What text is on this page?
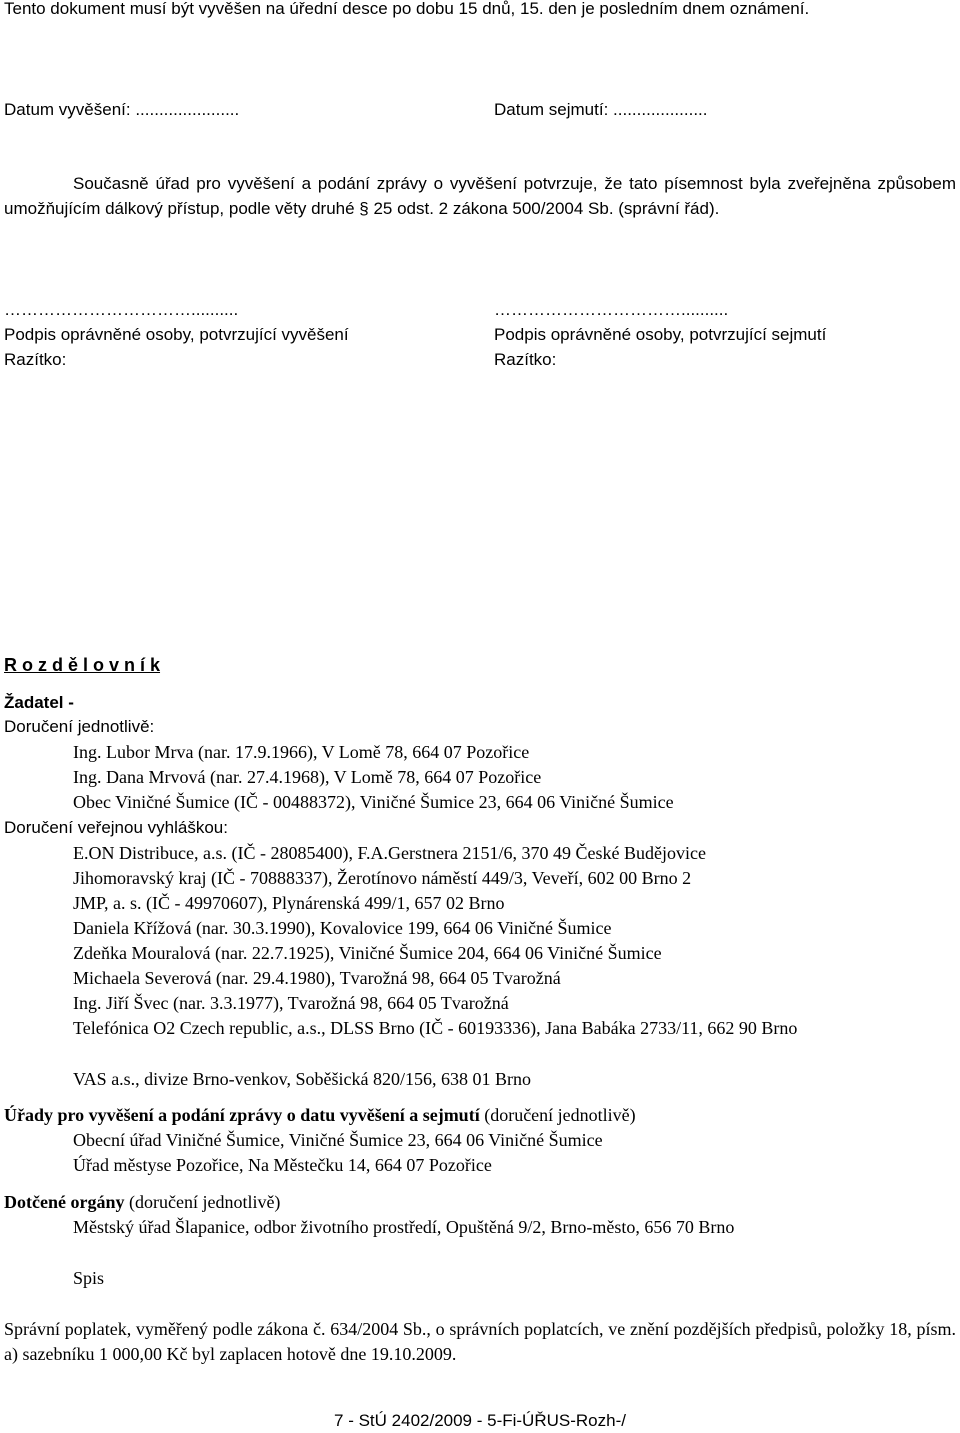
Tento dokument musí být vyvěšen na úřední desce po dobu 15 dnů, 15. den je posledním dnem oznámení.
Datum vyvěšení: ......................	Datum sejmutí: ....................
Současně úřad pro vyvěšení a podání zprávy o vyvěšení potvrzuje, že tato písemnost byla zveřejněna způsobem umožňujícím dálkový přístup, podle věty druhé § 25 odst. 2 zákona 500/2004 Sb. (správní řád).
……………………………..........
Podpis oprávněné osoby, potvrzující vyvěšení
Razítko:
……………………………..........
Podpis oprávněné osoby, potvrzující sejmutí
Razítko:
R o z d ě l o v n í k
Žadatel -
Doručení jednotlivě:
Ing. Lubor Mrva (nar. 17.9.1966), V Lomě 78, 664 07 Pozořice
Ing. Dana Mrvová (nar. 27.4.1968), V Lomě 78, 664 07 Pozořice
Obec Viničné Šumice (IČ - 00488372), Viničné Šumice 23, 664 06 Viničné Šumice
Doručení veřejnou vyhláškou:
E.ON Distribuce, a.s. (IČ - 28085400), F.A.Gerstnera 2151/6, 370 49 České Budějovice
Jihomoravský kraj (IČ - 70888337), Žerotínovo náměstí 449/3, Veveří, 602 00 Brno 2
JMP, a. s. (IČ - 49970607), Plynárenská 499/1, 657 02 Brno
Daniela Křížová (nar. 30.3.1990), Kovalovice 199, 664 06 Viničné Šumice
Zdeňka Mouralová (nar. 22.7.1925), Viničné Šumice 204, 664 06 Viničné Šumice
Michaela Severová (nar. 29.4.1980), Tvarožná 98, 664 05 Tvarožná
Ing. Jiří Švec (nar. 3.3.1977), Tvarožná 98, 664 05 Tvarožná
Telefónica O2 Czech republic, a.s., DLSS Brno (IČ - 60193336), Jana Babáka 2733/11, 662 90 Brno
VAS a.s., divize Brno-venkov, Soběšická 820/156, 638 01 Brno
Úřady pro vyvěšení a podání zprávy o datu vyvěšení a sejmutí (doručení jednotlivě)
Obecní úřad Viničné Šumice, Viničné Šumice 23, 664 06 Viničné Šumice
Úřad městyse Pozořice, Na Městečku 14, 664 07 Pozořice
Dotčené orgány (doručení jednotlivě)
Městský úřad Šlapanice, odbor životního prostředí, Opuštěná 9/2, Brno-město, 656 70 Brno
Spis
Správní poplatek, vyměřený podle zákona č. 634/2004 Sb., o správních poplatcích, ve znění pozdějších předpisů, položky 18, písm. a) sazebníku 1 000,00 Kč byl zaplacen hotově dne 19.10.2009.
7 - StÚ 2402/2009 - 5-Fi-ÚŘUS-Rozh-/
